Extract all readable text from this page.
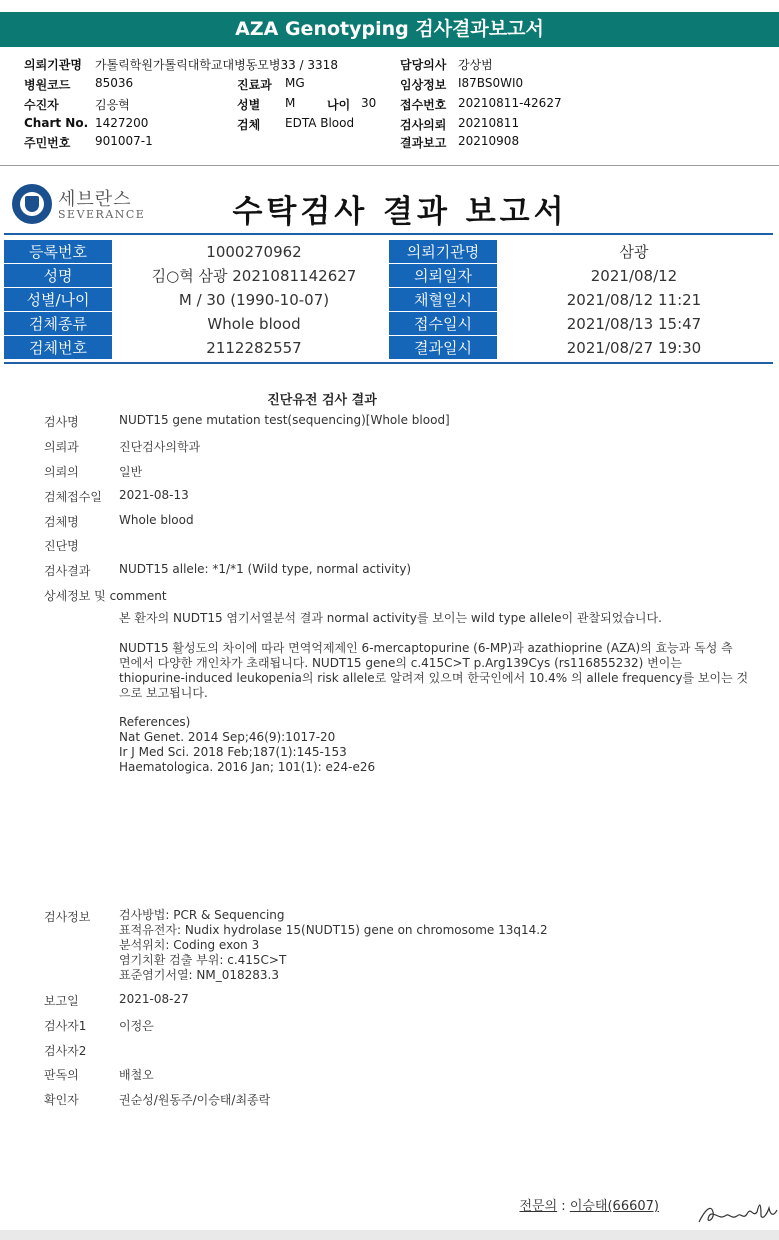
AZA Genotyping 검사결과보고서
의뢰기관명 가톨릭학원가톨릭대학교대병동모병33 / 3318	담당의사 강상범
병원코드 85036	진료과 MG	임상정보 I87BS0WI0
수진자	김응혁	성별 M	나이 30 접수번호 20210811-42627
Chart No. 1427200	검체 EDTA Blood	검사의뢰 20210811
주민번호 901007-1	결과보고 20210908
세브란스
SEVERANCE	수탁검사 결과 보고서
등록번호	1000270962	의뢰기관명	삼광
성명	김○혁 삼광 2021081142627	의뢰일자	2021/08/12
성별/나이	M / 30 (1990-10-07)	채혈일시	2021/08/12 11:21
검체종류	Whole blood	접수일시	2021/08/13 15:47
검체번호	2112282557	결과일시	2021/08/27 19:30
진단유전 검사 결과
검사명	NUDT15 gene mutation test(sequencing)[Whole blood]
의뢰과	진단검사의학과
의뢰의	일반
검체접수일 2021-08-13
검체명	Whole blood
진단명
검사결과 NUDT15 allele: *1/*1 (Wild type, normal activity)
상세정보 및 comment
본 환자의 NUDT15 염기서열분석 결과 normal activity를 보이는 wild type allele이 관찰되었습니다.
NUDT15 활성도의 차이에 따라 면역억제제인 6-mercaptopurine (6-MP)과 azathioprine (AZA)의 효능과 독성 측
면에서 다양한 개인차가 초래됩니다. NUDT15 gene의 c.415C>T p.Arg139Cys (rs116855232) 변이는
thiopurine-induced leukopenia의 risk allele로 알려져 있으며 한국인에서 10.4% 의 allele frequency를 보이는 것
으로 보고됩니다.
References)
Nat Genet. 2014 Sep;46(9):1017-20
Ir J Med Sci. 2018 Feb;187(1):145-153
Haematologica. 2016 Jan; 101(1): e24-e26
검사정보 검사방법: PCR & Sequencing
표적유전자: Nudix hydrolase 15(NUDT15) gene on chromosome 13q14.2
분석위치: Coding exon 3
염기치환 검출 부위: c.415C>T
표준염기서열: NM_018283.3
보고일	2021-08-27
검사자1	이정은
검사자2
판독의	배철오
확인자	권순성/원동주/이승태/최종락
전문의 : 이승태(66607)
